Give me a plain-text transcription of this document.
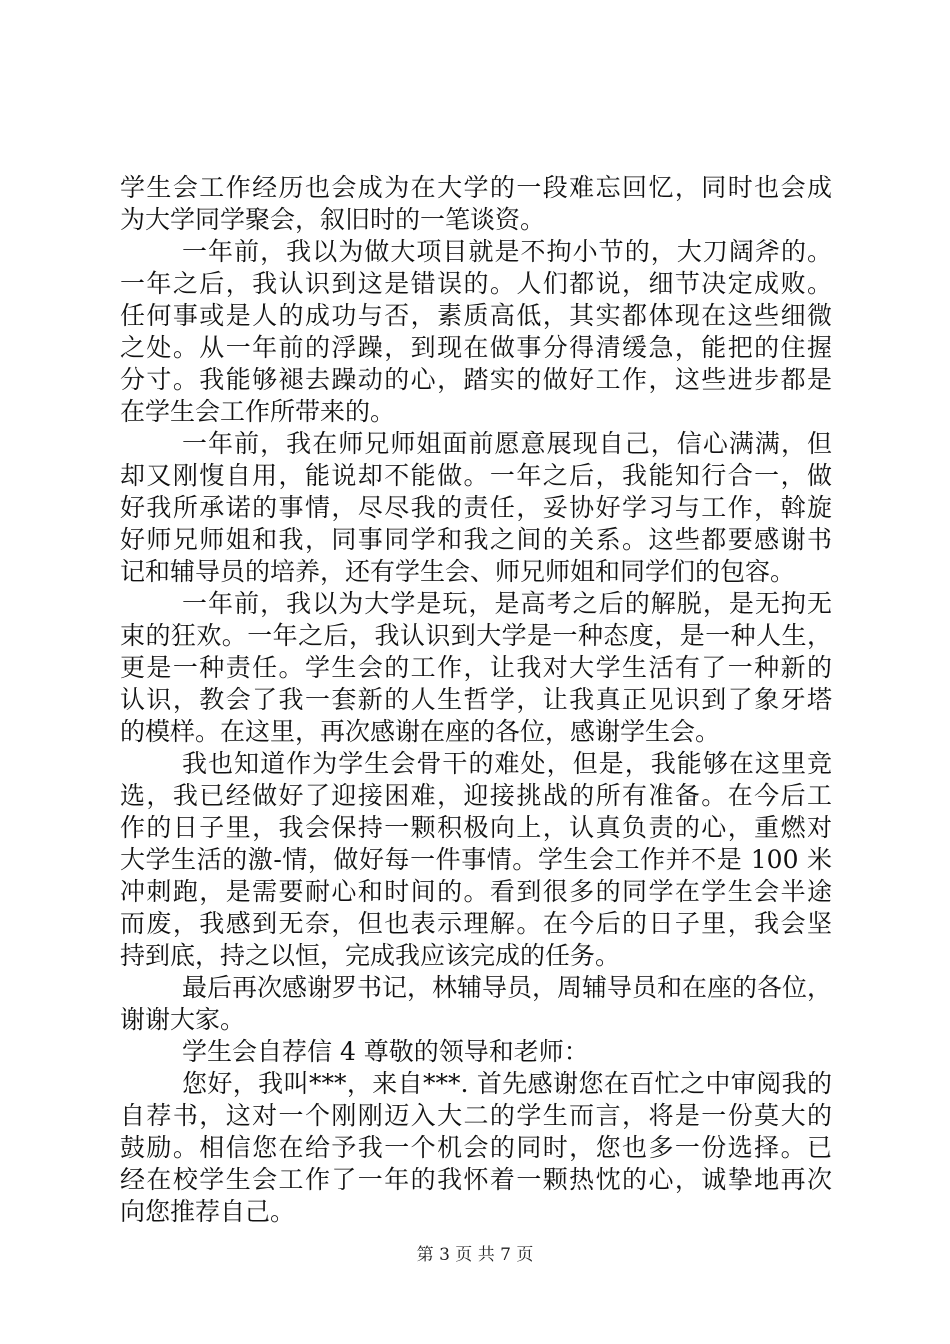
学生会工作经历也会成为在大学的一段难忘回忆，同时也会成
为大学同学聚会，叙旧时的一笔谈资。
一年前，我以为做大项目就是不拘小节的，大刀阔斧的。
一年之后，我认识到这是错误的。人们都说，细节决定成败。
任何事或是人的成功与否，素质高低，其实都体现在这些细微
之处。从一年前的浮躁，到现在做事分得清缓急，能把的住握
分寸。我能够褪去躁动的心，踏实的做好工作，这些进步都是
在学生会工作所带来的。
一年前，我在师兄师姐面前愿意展现自己，信心满满，但
却又刚愎自用，能说却不能做。一年之后，我能知行合一，做
好我所承诺的事情，尽尽我的责任，妥协好学习与工作，斡旋
好师兄师姐和我，同事同学和我之间的关系。这些都要感谢书
记和辅导员的培养，还有学生会、师兄师姐和同学们的包容。
一年前，我以为大学是玩，是高考之后的解脱，是无拘无
束的狂欢。一年之后，我认识到大学是一种态度，是一种人生，
更是一种责任。学生会的工作，让我对大学生活有了一种新的
认识，教会了我一套新的人生哲学，让我真正见识到了象牙塔
的模样。在这里，再次感谢在座的各位，感谢学生会。
我也知道作为学生会骨干的难处，但是，我能够在这里竞
选，我已经做好了迎接困难，迎接挑战的所有准备。在今后工
作的日子里，我会保持一颗积极向上，认真负责的心，重燃对
大学生活的激-情，做好每一件事情。学生会工作并不是 100 米
冲刺跑，是需要耐心和时间的。看到很多的同学在学生会半途
而废，我感到无奈，但也表示理解。在今后的日子里，我会坚
持到底，持之以恒，完成我应该完成的任务。
最后再次感谢罗书记，林辅导员，周辅导员和在座的各位，
谢谢大家。
学生会自荐信 4 尊敬的领导和老师：
您好，我叫***，来自***. 首先感谢您在百忙之中审阅我的
自荐书，这对一个刚刚迈入大二的学生而言，将是一份莫大的
鼓励。相信您在给予我一个机会的同时，您也多一份选择。已
经在校学生会工作了一年的我怀着一颗热忱的心，诚挚地再次
向您推荐自己。
第 3 页 共 7 页
